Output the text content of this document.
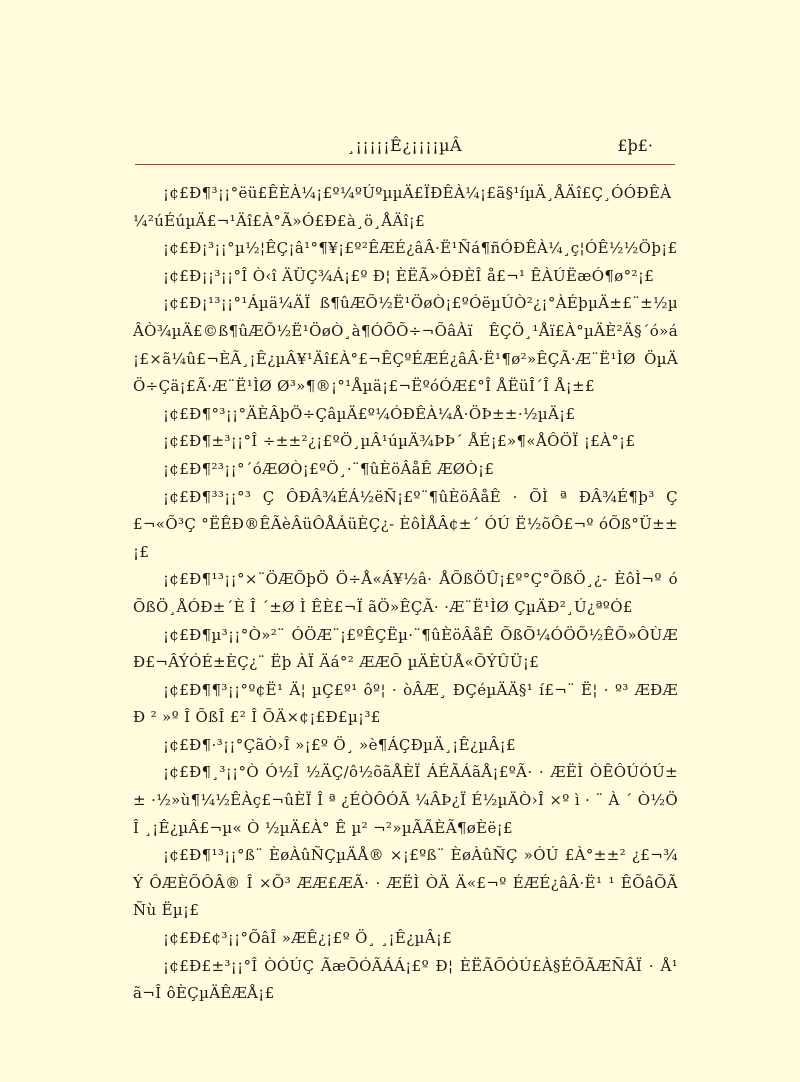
¸¡¡¡¡¡Ê¿¡¡¡¡µÂ	£þ£·

¡¢£Ð¶³¡¡°ëü£ÊÈÀ¼¡£º¼ºÚºµµÄ£ÏÐÊÀ¼¡£ã§¹íµÄ¸ÅÄî£Ç¸ÓÓÐÊÀ¼²úÉúµÄ£¬¹Äî£À°Ã»Ó£Ð£à¸ö¸ÅÄî¡£

¡¢£Ð¡³¡¡°µ½¦ÊÇ¡â¹°¶¥¡£º²ÊÆÉ¿âÂ·Ë¹Ñá¶ñÓÐÊÀ¼¸ç¦ÓÊ½½Öþ¡£

¡¢£Ð¡¡³¡¡°Î Ò‹î ÄÜÇ¾Á¡£º Ð¦ ÈËÃ»ÓÐÈÎ å£¬¹ ÊÀÚËæÓ¶ø°²¡£

¡¢£Ð¡¹³¡¡°¹Áµä¼ÄÏ ß¶ûÆÕ½Ë¹ÖøÒ¡£ºÓëµÚÒ²¿¡°ÀÉþµÄ±£¨±½µÂÒ¾µÄ£©ß¶ûÆÕ½Ë¹ÖøÒ¸à¶ÓÕÕ÷¬ÕâÀï ÊÇÖ¸¹Åï£À°µÄÈ²Ä§´ó»á¡£×ã¼û£¬ÈÃ¸¡Ê¿µÂ¥¹Äî£À°£¬ÊÇºÉÆÉ¿âÂ·Ë¹¶ø²»ÊÇÃ·Æ¨Ë¹ÌØ ÖµÄÖ÷Çä¡£Ã·Æ¨Ë¹ÌØ Ø³»¶®¡°¹Åµä¡£¬ËºóÓÆ£°Î ÅËüÎ´Î Å¡±£

¡¢£Ð¶°³¡¡°ÄÈÂþÖ÷ÇâµÄ£º¼ÓÐÊÀ¼Å·ÖÞ±±·½µÄ¡£

¡¢£Ð¶±³¡¡°Î ÷±±²¿¡£ºÖ¸µÂ¹úµÄ¾ÞÞ´ ÅÉ¡£»¶«ÅÔÖÏ ¡£À°¡£

¡¢£Ð¶²³¡¡°´óÆØÒ¡£ºÖ¸·¨¶ûÈöÂåÊ ÆØÒ¡£

¡¢£Ð¶³³¡¡°³ Ç ÔÐÂ¾ÉÁ½ëÑ¡£º¨¶ûÈöÂåÊ · ÕÌ ª ÐÂ¾É¶þ³ Ç £¬«Õ³Ç °ËÊÐ®ÊÃèÂüÔÅÁüÈÇ¿- ÈôÌÅÂ¢±´ ÓÚ Ë½õÔ£¬º óÕß°Ü±±¡£

¡¢£Ð¶¹³¡¡°×¨ÖÆÕþÖ Ö÷Å«Á¥½â· ÅÕßÖÛ¡£º°Ç°ÕßÖ¸¿- ÈôÌ¬º óÕßÖ¸ÅÓÐ±´È Î ´±Ø Ì ÊÈ£¬Ï ãÖ»ÊÇÃ· ·Æ¨Ë¹ÌØ ÇµÄÐ²¸Ú¿ªºÓ£

¡¢£Ð¶µ³¡¡°Ò»²¨ ÓÖÆ¨¡£ºÊÇËµ·¨¶ûÈöÂåÊ ÕßÕ¼ÓÖÕ½ÊÕ»ÔÙÆÐ£¬ÂÝÓÉ±ÈÇ¿¨ Ëþ ÀÏ Äá°² ÆÆÕ µÄÈÙÅ«ÕÝÛÜ¡£

¡¢£Ð¶¶³¡¡°º¢Ë¹ Ä¦ µÇ£º¹ ôº¦ · òÂÆ¸ ÐÇéµÄÄ§¹ í£¬¨ Ë¦ · º³ ÆÐÆÐ ² »º Î ÕßÎ £² Î ÕÄ×¢¡£Ð£µ¡³£

¡¢£Ð¶·³¡¡°ÇãÒ›Î »¡£º Ö¸ »è¶ÁÇÐµÄ¸¡Ê¿µÂ¡£

¡¢£Ð¶¸³¡¡°Ò Ó½Î ½ÄÇ/ô½õãÅÈÏ ÁÉÃÁãÅ¡£ºÃ· · ÆËÌ ÒÊÔÚÓÚ±± ·½»ù¶¼½ÊÀç£¬ûÈÏ Î ª ¿ÉÒÔÓÃ ¼ÂÞ¿Ï É½µÄÒ›Î ×º ì · ¨ À ´ Ò½ÖÎ ¸¡Ê¿µÂ£¬µ« Ò ½µÄ£À° Ê µ² ¬²»µÃÃÈÃ¶øÈë¡£

¡¢£Ð¶¹³¡¡°ß¨ ÈøÀûÑÇµÄÅ® ×¡£ºß¨ ÈøÀûÑÇ »ÓÚ £À°±±² ¿£¬¾Ý ÔÆÈÕÔÂ® Î ×Õ³ ÆÆ£ÆÃ· · ÆËÌ ÒÄ Ä«£¬º ÉÆÉ¿âÂ·Ë¹ ¹ ÊÕâÕÃÑù Ëµ¡£

¡¢£Ð£¢³¡¡°ÕâÎ »ÆÊ¿¡£º Ö¸ ¸¡Ê¿µÂ¡£

¡¢£Ð£±³¡¡°Î ÒÓÚÇ ÃæÕÓÃÁÁ¡£º Ð¦ ÈËÃÕÓÚ£À§ÉÕÃÆÑÂÏ · Å¹ ã¬Î ôÈÇµÄÊÆÅ¡£
